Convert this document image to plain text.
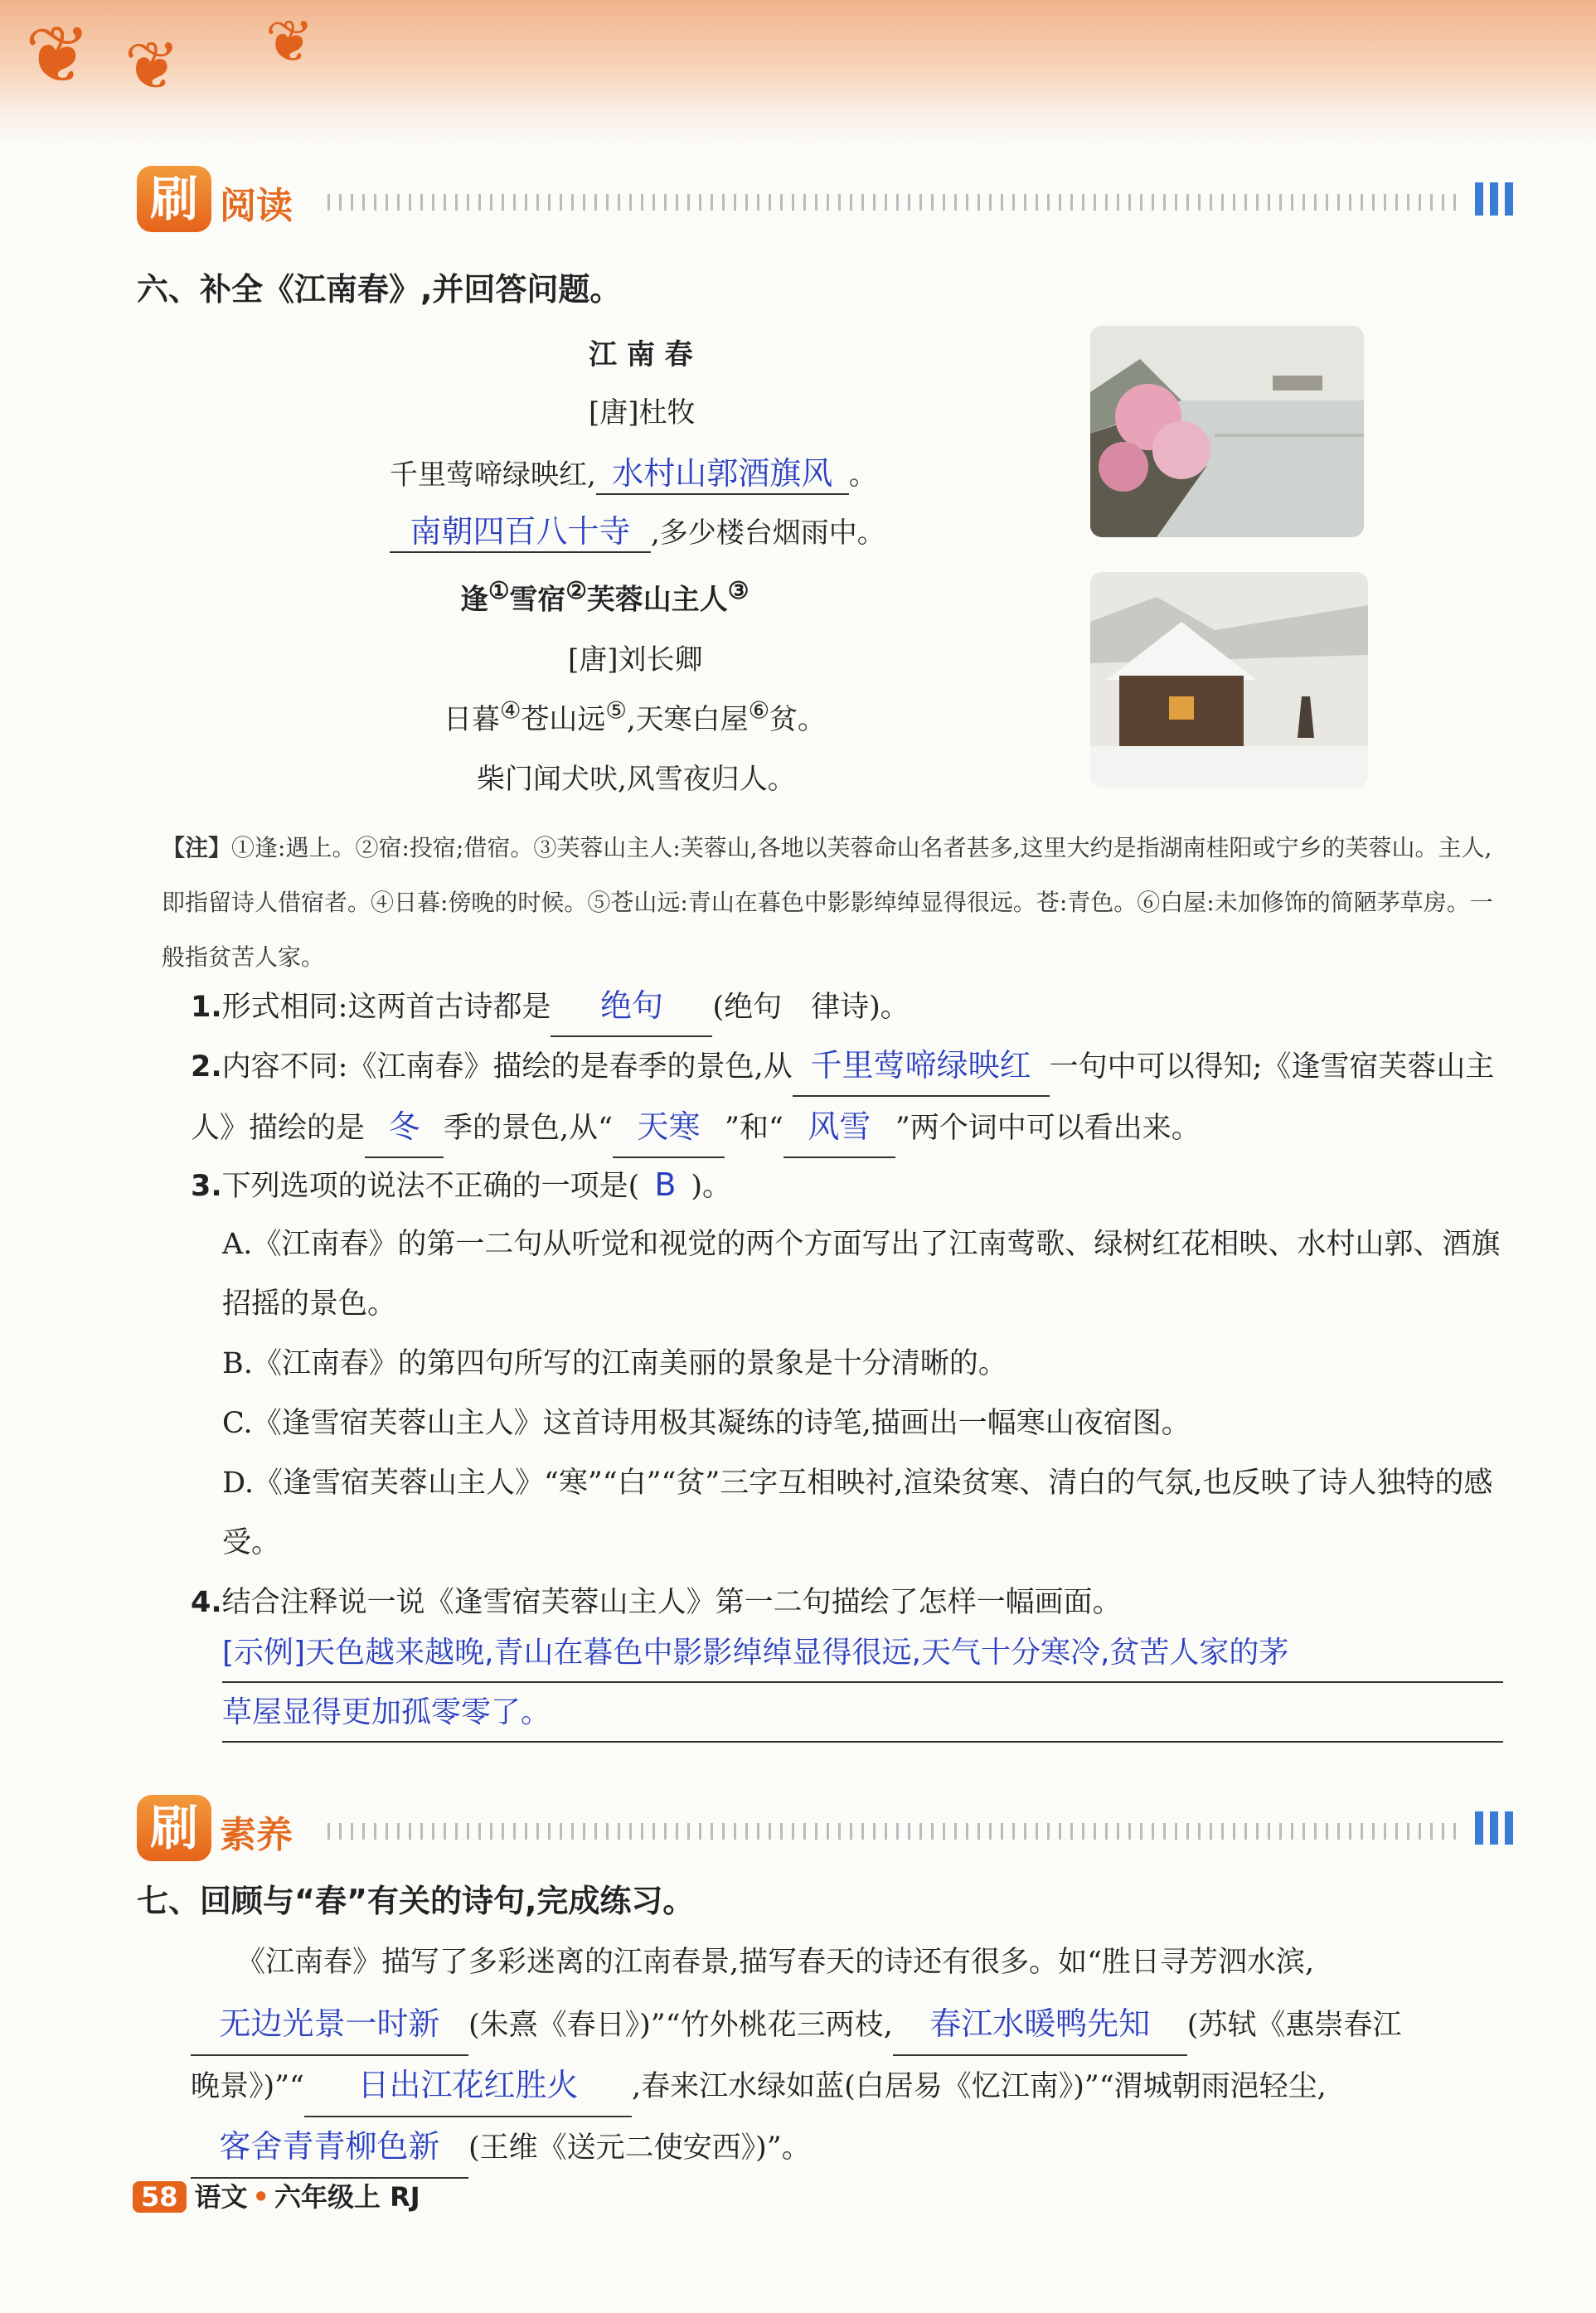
❦ ❦ ❦
刷 阅读
六、补全《江南春》,并回答问题。
江 南 春
[唐]杜牧
千里莺啼绿映红, 水村山郭酒旗风 。
南朝四百八十寺 ,多少楼台烟雨中。
逢①雪宿②芙蓉山主人③
[唐]刘长卿
日暮④苍山远⑤,天寒白屋⑥贫。
柴门闻犬吠,风雪夜归人。
【注】①逢:遇上。②宿:投宿;借宿。③芙蓉山主人:芙蓉山,各地以芙蓉命山名者甚多,这里大约是指湖南桂阳或宁乡的芙蓉山。主人,即指留诗人借宿者。④日暮:傍晚的时候。⑤苍山远:青山在暮色中影影绰绰显得很远。苍:青色。⑥白屋:未加修饰的简陋茅草房。一般指贫苦人家。
1.形式相同:这两首古诗都是 绝句 (绝句　律诗)。
2.内容不同:《江南春》描绘的是春季的景色,从 千里莺啼绿映红 一句中可以得知;《逢雪宿芙蓉山主人》描绘的是 冬 季的景色,从“ 天寒 ”和“ 风雪 ”两个词中可以看出来。
3.下列选项的说法不正确的一项是( B )。
A.《江南春》的第一二句从听觉和视觉的两个方面写出了江南莺歌、绿树红花相映、水村山郭、酒旗招摇的景色。
B.《江南春》的第四句所写的江南美丽的景象是十分清晰的。
C.《逢雪宿芙蓉山主人》这首诗用极其凝练的诗笔,描画出一幅寒山夜宿图。
D.《逢雪宿芙蓉山主人》“寒”“白”“贫”三字互相映衬,渲染贫寒、清白的气氛,也反映了诗人独特的感受。
4.结合注释说一说《逢雪宿芙蓉山主人》第一二句描绘了怎样一幅画面。
[示例]天色越来越晚,青山在暮色中影影绰绰显得很远,天气十分寒冷,贫苦人家的茅
草屋显得更加孤零零了。
刷 素养
七、回顾与“春”有关的诗句,完成练习。
《江南春》描写了多彩迷离的江南春景,描写春天的诗还有很多。如“胜日寻芳泗水滨,
无边光景一时新 (朱熹《春日》)”“竹外桃花三两枝, 春江水暖鸭先知 (苏轼《惠崇春江
晚景》)”“ 日出江花红胜火 ,春来江水绿如蓝(白居易《忆江南》)”“渭城朝雨浥轻尘,
客舍青青柳色新 (王维《送元二使安西》)”。
58 语文 • 六年级上 RJ
